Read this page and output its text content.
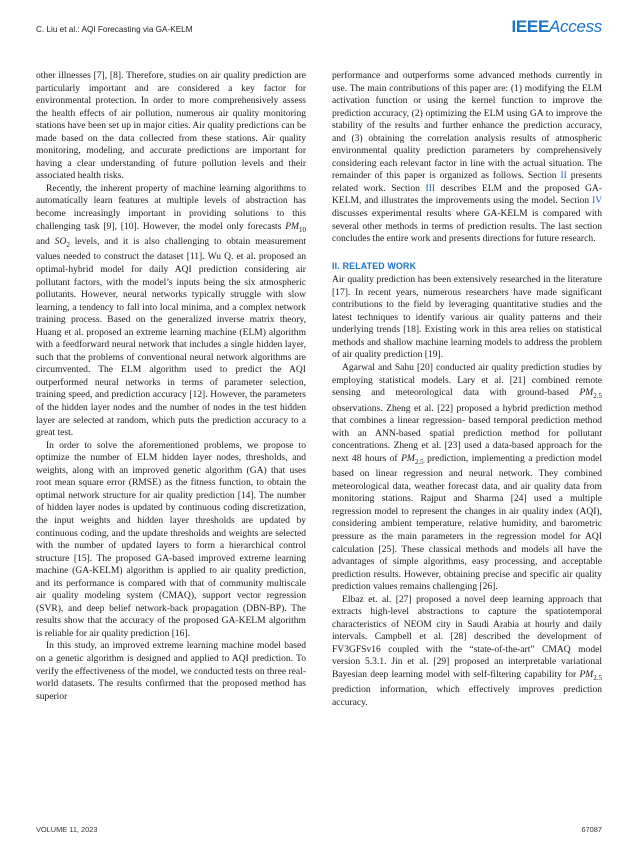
C. Liu et al.: AQI Forecasting via GA-KELM	IEEEAccess

other illnesses [7], [8]. Therefore, studies on air quality prediction are particularly important and are considered a key factor for environmental protection. In order to more comprehensively assess the health effects of air pollution, numerous air quality monitoring stations have been set up in major cities. Air quality predictions can be made based on the data collected from these stations. Air quality monitoring, modeling, and accurate predictions are important for having a clear understanding of future pollution levels and their associated health risks.

Recently, the inherent property of machine learning algorithms to automatically learn features at multiple levels of abstraction has become increasingly important in providing solutions to this challenging task [9], [10]. However, the model only forecasts $PM_{10}$ and $SO_2$ levels, and it is also challenging to obtain measurement values needed to construct the dataset [11]. Wu Q. et al. proposed an optimal-hybrid model for daily AQI prediction considering air pollutant factors, with the model’s inputs being the six atmospheric pollutants. However, neural networks typically struggle with slow learning, a tendency to fall into local minima, and a complex network training process. Based on the generalized inverse matrix theory, Huang et al. proposed an extreme learning machine (ELM) algorithm with a feedforward neural network that includes a single hidden layer, such that the problems of conventional neural network algorithms are circumvented. The ELM algorithm used to predict the AQI outperformed neural networks in terms of parameter selection, training speed, and prediction accuracy [12]. However, the parameters of the hidden layer nodes and the number of nodes in the test hidden layer are selected at random, which puts the prediction accuracy to a great test.

In order to solve the aforementioned problems, we propose to optimize the number of ELM hidden layer nodes, thresholds, and weights, along with an improved genetic algorithm (GA) that uses root mean square error (RMSE) as the fitness function, to obtain the optimal network structure for air quality prediction [14]. The number of hidden layer nodes is updated by continuous coding discretization, the input weights and hidden layer thresholds are updated by continuous coding, and the update thresholds and weights are selected with the number of updated layers to form a hierarchical control structure [15]. The proposed GA-based improved extreme learning machine (GA-KELM) algorithm is applied to air quality prediction, and its performance is compared with that of community multiscale air quality modeling system (CMAQ), support vector regression (SVR), and deep belief network-back propagation (DBN-BP). The results show that the accuracy of the proposed GA-KELM algorithm is reliable for air quality prediction [16].

In this study, an improved extreme learning machine model based on a genetic algorithm is designed and applied to AQI prediction. To verify the effectiveness of the model, we conducted tests on three real-world datasets. The results confirmed that the proposed method has superior

performance and outperforms some advanced methods currently in use. The main contributions of this paper are: (1) modifying the ELM activation function or using the kernel function to improve the prediction accuracy, (2) optimizing the ELM using GA to improve the stability of the results and further enhance the prediction accuracy, and (3) obtaining the correlation analysis results of atmospheric environmental quality prediction parameters by comprehensively considering each relevant factor in line with the actual situation. The remainder of this paper is organized as follows. Section II presents related work. Section III describes ELM and the proposed GA-KELM, and illustrates the improvements using the model. Section IV discusses experimental results where GA-KELM is compared with several other methods in terms of prediction results. The last section concludes the entire work and presents directions for future research.

II. RELATED WORK

Air quality prediction has been extensively researched in the literature [17]. In recent years, numerous researchers have made significant contributions to the field by leveraging quantitative studies and the latest techniques to identify various air quality patterns and their underlying trends [18]. Existing work in this area relies on statistical methods and shallow machine learning models to address the problem of air quality prediction [19].

Agarwal and Sahu [20] conducted air quality prediction studies by employing statistical models. Lary et al. [21] combined remote sensing and meteorological data with ground-based $PM_{2.5}$ observations. Zheng et al. [22] proposed a hybrid prediction method that combines a linear regression- based temporal prediction method with an ANN-based spatial prediction method for pollutant concentrations. Zheng et al. [23] used a data-based approach for the next 48 hours of $PM_{2.5}$ prediction, implementing a prediction model based on linear regression and neural network. They combined meteorological data, weather forecast data, and air quality data from monitoring stations. Rajput and Sharma [24] used a multiple regression model to represent the changes in air quality index (AQI), considering ambient temperature, relative humidity, and barometric pressure as the main parameters in the regression model for AQI calculation [25]. These classical methods and models all have the advantages of simple algorithms, easy processing, and acceptable prediction results. However, obtaining precise and specific air quality prediction values remains challenging [26].

Elbaz et. al. [27] proposed a novel deep learning approach that extracts high-level abstractions to capture the spatiotemporal characteristics of NEOM city in Saudi Arabia at hourly and daily intervals. Campbell et al. [28] described the development of FV3GFSv16 coupled with the “state-of-the-art” CMAQ model version 5.3.1. Jin et al. [29] proposed an interpretable variational Bayesian deep learning model with self-filtering capability for $PM_{2.5}$ prediction information, which effectively improves prediction accuracy.

VOLUME 11, 2023	67087
